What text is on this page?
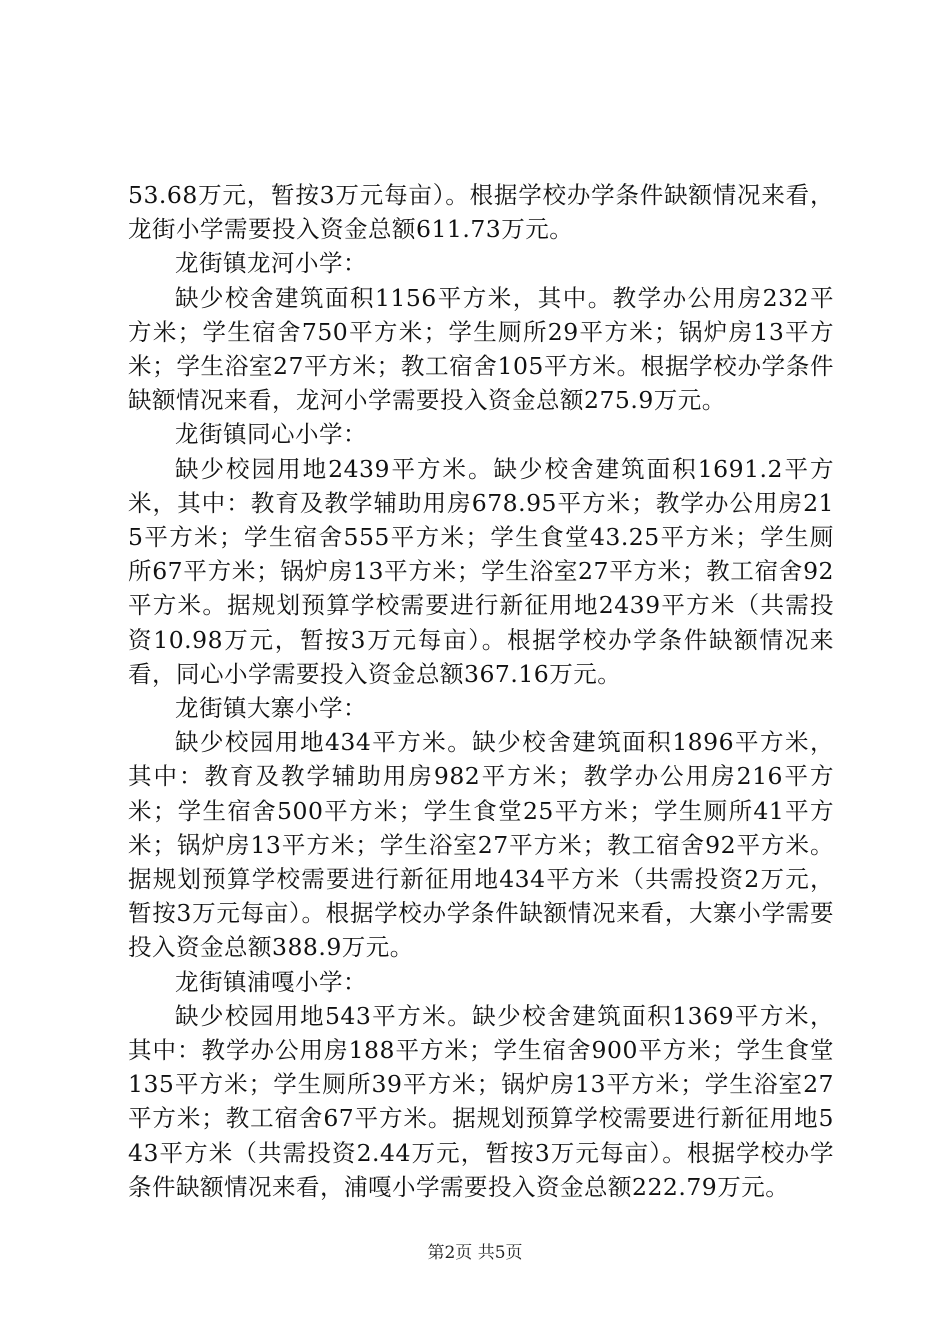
53.68万元，暂按3万元每亩）。根据学校办学条件缺额情况来看，龙街小学需要投入资金总额611.73万元。

龙街镇龙河小学：

缺少校舍建筑面积1156平方米，其中。教学办公用房232平方米；学生宿舍750平方米；学生厕所29平方米；锅炉房13平方米；学生浴室27平方米；教工宿舍105平方米。根据学校办学条件缺额情况来看，龙河小学需要投入资金总额275.9万元。

龙街镇同心小学：

缺少校园用地2439平方米。缺少校舍建筑面积1691.2平方米，其中：教育及教学辅助用房678.95平方米；教学办公用房215平方米；学生宿舍555平方米；学生食堂43.25平方米；学生厕所67平方米；锅炉房13平方米；学生浴室27平方米；教工宿舍92平方米。据规划预算学校需要进行新征用地2439平方米（共需投资10.98万元，暂按3万元每亩）。根据学校办学条件缺额情况来看，同心小学需要投入资金总额367.16万元。

龙街镇大寨小学：

缺少校园用地434平方米。缺少校舍建筑面积1896平方米，其中：教育及教学辅助用房982平方米；教学办公用房216平方米；学生宿舍500平方米；学生食堂25平方米；学生厕所41平方米；锅炉房13平方米；学生浴室27平方米；教工宿舍92平方米。据规划预算学校需要进行新征用地434平方米（共需投资2万元，暂按3万元每亩）。根据学校办学条件缺额情况来看，大寨小学需要投入资金总额388.9万元。

龙街镇浦嘎小学：

缺少校园用地543平方米。缺少校舍建筑面积1369平方米，其中：教学办公用房188平方米；学生宿舍900平方米；学生食堂135平方米；学生厕所39平方米；锅炉房13平方米；学生浴室27平方米；教工宿舍67平方米。据规划预算学校需要进行新征用地543平方米（共需投资2.44万元，暂按3万元每亩）。根据学校办学条件缺额情况来看，浦嘎小学需要投入资金总额222.79万元。

第2页 共5页
